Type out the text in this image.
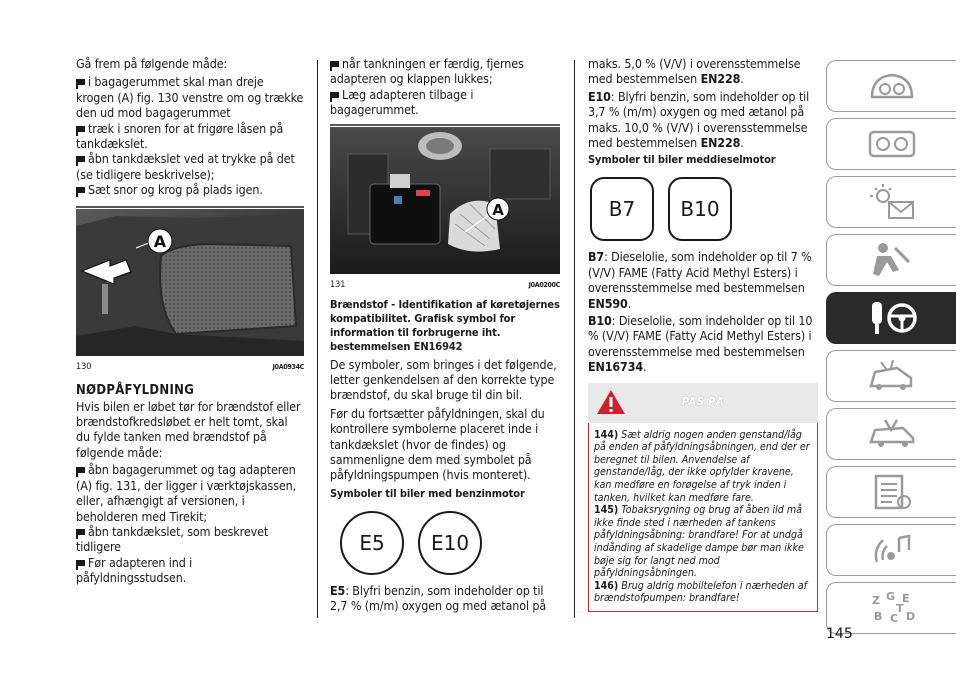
Gå frem på følgende måde:

i bagagerummet skal man dreje krogen (A) fig. 130 venstre om og trække den ud mod bagagerummet

træk i snoren for at frigøre låsen på tankdækslet.

åbn tankdækslet ved at trykke på det (se tidligere beskrivelse);

Sæt snor og krog på plads igen.

A
130	J0A0934C
NØDPÅFYLDNING

Hvis bilen er løbet tør for brændstof eller brændstofkredsløbet er helt tomt, skal du fylde tanken med brændstof på følgende måde:

åbn bagagerummet og tag adapteren (A) fig. 131, der ligger i værktøjskassen, eller, afhængigt af versionen, i beholderen med Tirekit;

åbn tankdækslet, som beskrevet tidligere

Før adapteren ind i påfyldningsstudsen.

når tankningen er færdig, fjernes adapteren og klappen lukkes;

Læg adapteren tilbage i bagagerummet.

A
131	J0A0200C
Brændstof - Identifikation af køretøjernes kompatibilitet. Grafisk symbol for information til forbrugerne iht. bestemmelsen EN16942

De symboler, som bringes i det følgende, letter genkendelsen af den korrekte type brændstof, du skal bruge til din bil.

Før du fortsætter påfyldningen, skal du kontrollere symbolerne placeret inde i tankdækslet (hvor de findes) og sammenligne dem med symbolet på påfyldningspumpen (hvis monteret).

Symboler til biler med benzinmotor
E5	E10

E5: Blyfri benzin, som indeholder op til 2,7 % (m/m) oxygen og med ætanol på

maks. 5,0 % (V/V) i overensstemmelse med bestemmelsen EN228.

E10: Blyfri benzin, som indeholder op til 3,7 % (m/m) oxygen og med ætanol på maks. 10,0 % (V/V) i overensstemmelse med bestemmelsen EN228.

Symboler til biler meddieselmotor
B7	B10

B7: Dieselolie, som indeholder op til 7 % (V/V) FAME (Fatty Acid Methyl Esters) i overensstemmelse med bestemmelsen EN590.

B10: Dieselolie, som indeholder op til 10 % (V/V) FAME (Fatty Acid Methyl Esters) i overensstemmelse med bestemmelsen EN16734.

PAS PÅ

144) Sæt aldrig nogen anden genstand/låg på enden af påfyldningsåbningen, end der er beregnet til bilen. Anvendelse af genstande/låg, der ikke opfylder kravene, kan medføre en forøgelse af tryk inden i tanken, hvilket kan medføre fare.

145) Tobaksrygning og brug af åben ild må ikke finde sted i nærheden af tankens påfyldningsåbning: brandfare! For at undgå indånding af skadelige dampe bør man ikke bøje sig for langt ned mod påfyldningsåbningen.

146) Brug aldrig mobiltelefon i nærheden af brændstofpumpen: brandfare!	Z G E
B C D
T
145
